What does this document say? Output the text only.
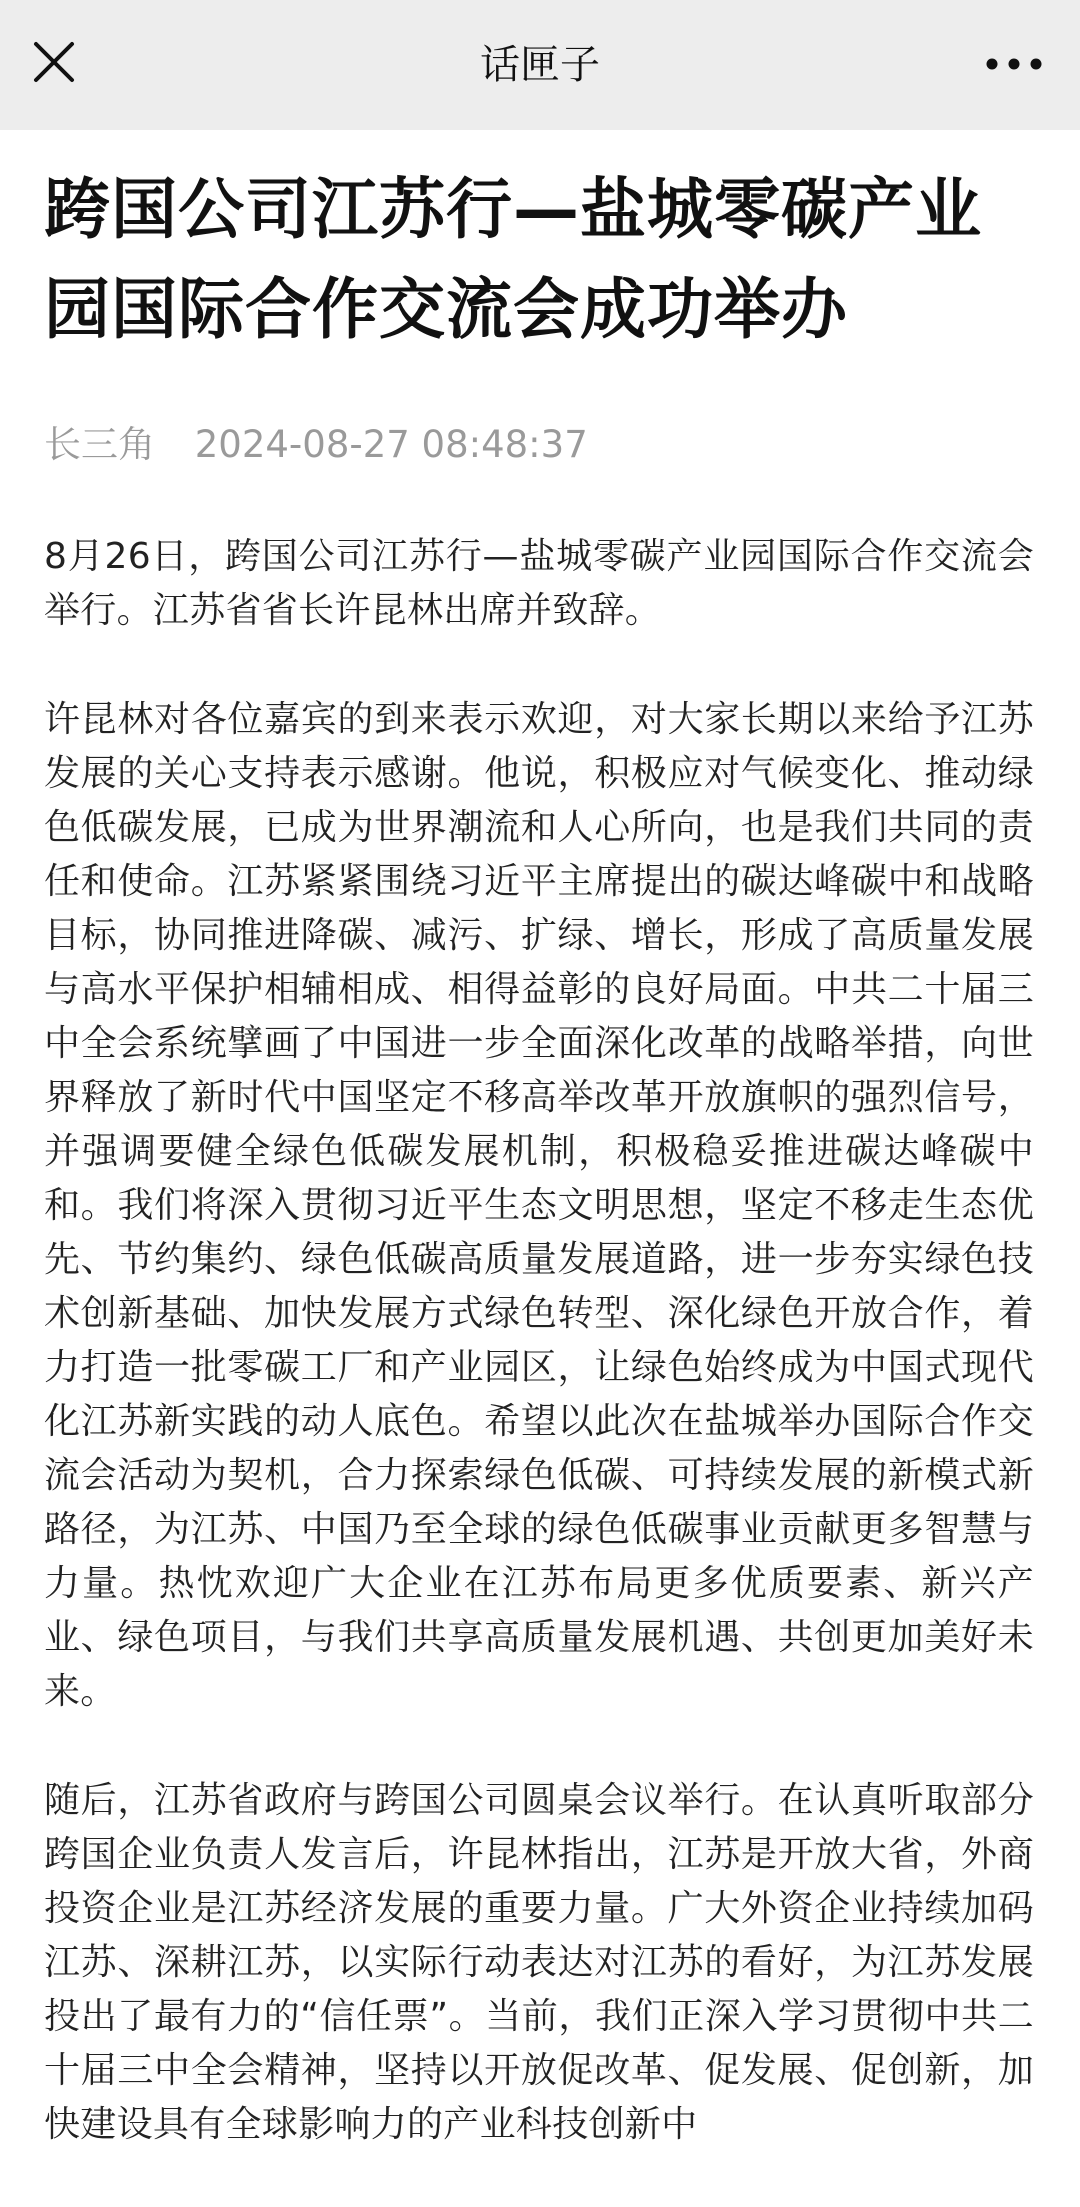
话匣子
跨国公司江苏行—盐城零碳产业园国际合作交流会成功举办
长三角 2024-08-27 08:48:37

8月26日，跨国公司江苏行—盐城零碳产业园国际合作交流会举行。江苏省省长许昆林出席并致辞。

许昆林对各位嘉宾的到来表示欢迎，对大家长期以来给予江苏发展的关心支持表示感谢。他说，积极应对气候变化、推动绿色低碳发展，已成为世界潮流和人心所向，也是我们共同的责任和使命。江苏紧紧围绕习近平主席提出的碳达峰碳中和战略目标，协同推进降碳、减污、扩绿、增长，形成了高质量发展与高水平保护相辅相成、相得益彰的良好局面。中共二十届三中全会系统擘画了中国进一步全面深化改革的战略举措，向世界释放了新时代中国坚定不移高举改革开放旗帜的强烈信号，并强调要健全绿色低碳发展机制，积极稳妥推进碳达峰碳中和。我们将深入贯彻习近平生态文明思想，坚定不移走生态优先、节约集约、绿色低碳高质量发展道路，进一步夯实绿色技术创新基础、加快发展方式绿色转型、深化绿色开放合作，着力打造一批零碳工厂和产业园区，让绿色始终成为中国式现代化江苏新实践的动人底色。希望以此次在盐城举办国际合作交流会活动为契机，合力探索绿色低碳、可持续发展的新模式新路径，为江苏、中国乃至全球的绿色低碳事业贡献更多智慧与力量。热忱欢迎广大企业在江苏布局更多优质要素、新兴产业、绿色项目，与我们共享高质量发展机遇、共创更加美好未来。

随后，江苏省政府与跨国公司圆桌会议举行。在认真听取部分跨国企业负责人发言后，许昆林指出，江苏是开放大省，外商投资企业是江苏经济发展的重要力量。广大外资企业持续加码江苏、深耕江苏，以实际行动表达对江苏的看好，为江苏发展投出了最有力的“信任票”。当前，我们正深入学习贯彻中共二十届三中全会精神，坚持以开放促改革、促发展、促创新，加快建设具有全球影响力的产业科技创新中
